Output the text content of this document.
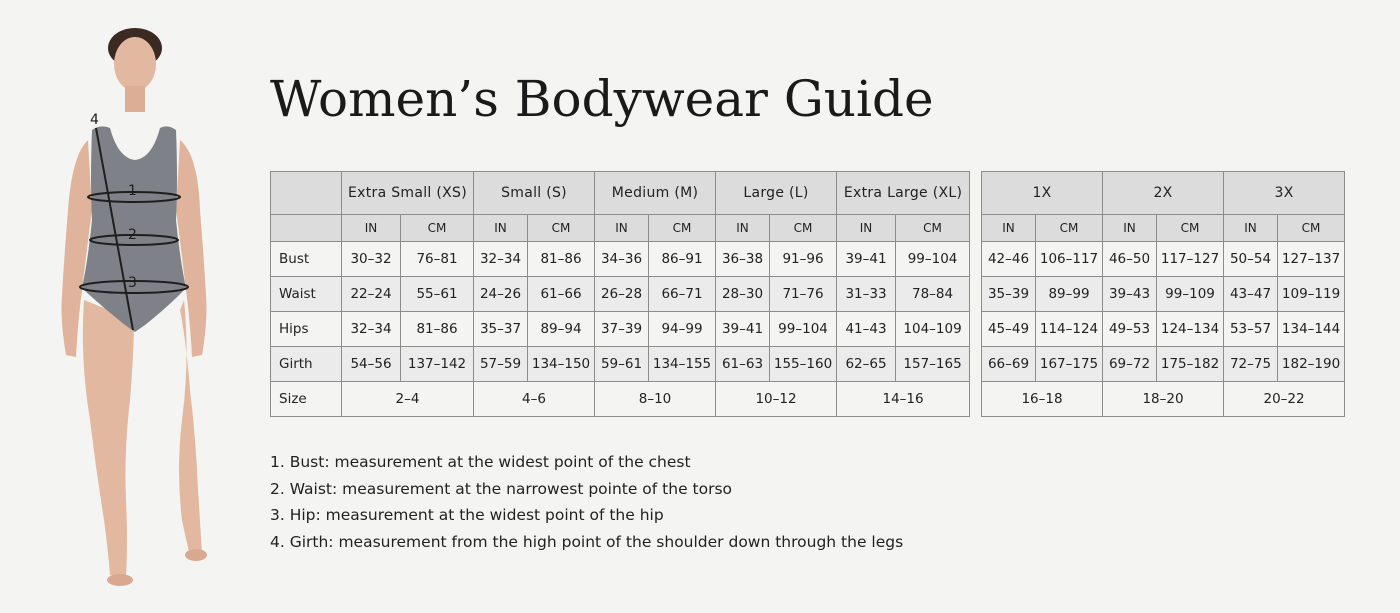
1
2
3
4	Women’s Bodywear Guide
	Extra Small (XS)		Small (S)		Medium (M)		Large (L)		Extra Large (XL)	
	IN	CM	IN	CM	IN	CM	IN	CM	IN	CM
Bust	30–32	76–81	32–34	81–86	34–36	86–91	36–38	91–96	39–41	99–104
Waist	22–24	55–61	24–26	61–66	26–28	66–71	28–30	71–76	31–33	78–84
Hips	32–34	81–86	35–37	89–94	37–39	94–99	39–41	99–104	41–43	104–109
Girth	54–56	137–142	57–59	134–150	59–61	134–155	61–63	155–160	62–65	157–165
Size	2–4		4–6		8–10		10–12		14–16	
1X		2X		3X	
IN	CM	IN	CM	IN	CM
42–46	106–117	46–50	117–127	50–54	127–137
35–39	89–99	39–43	99–109	43–47	109–119
45–49	114–124	49–53	124–134	53–57	134–144
66–69	167–175	69–72	175–182	72–75	182–190
16–18		18–20		20–22	
1. Bust: measurement at the widest point of the chest
2. Waist: measurement at the narrowest pointe of the torso
3. Hip: measurement at the widest point of the hip
4. Girth: measurement from the high point of the shoulder down through the legs
